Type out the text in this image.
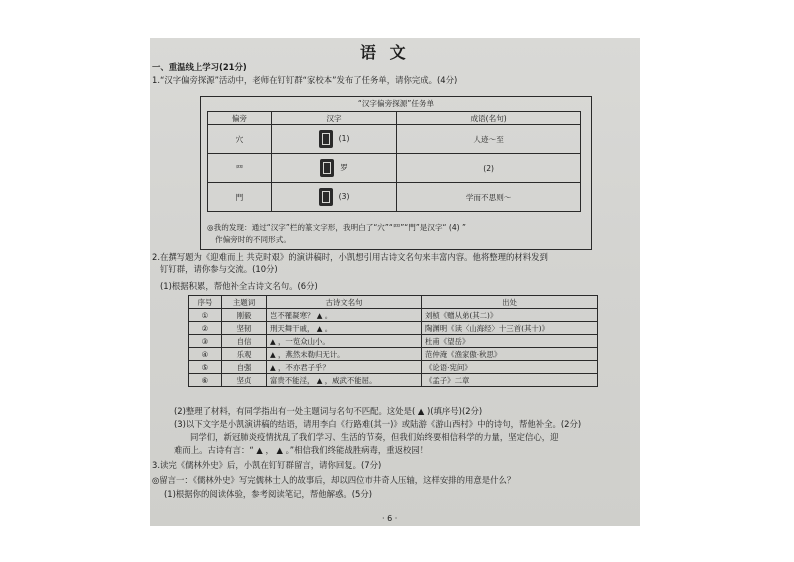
语 文
一、重温线上学习(21分)
1.“汉字偏旁探源”活动中，老师在钉钉群“家校本”发布了任务单，请你完成。(4分)
“汉字偏旁探源”任务单
偏旁	汉字	成语(名句)
穴	(1)	人迹～至
罒	罗	(2)
門	(3)	学而不思则～
◎我的发现：通过“汉字”栏的篆文字形，我明白了“穴”“罒”“門”是汉字“ (4) ”
作偏旁时的不同形式。
2.在撰写题为《迎难而上 共克时艰》的演讲稿时，小凯想引用古诗文名句来丰富内容。他将整理的材料发到
钉钉群，请你参与交流。(10分)
(1)根据积累，帮他补全古诗文名句。(6分)
序号	主题词	古诗文名句	出处
①	刚毅	岂不罹凝寒？ ▲ 。	刘桢《赠从弟(其二)》
②	坚韧	刑天舞干戚， ▲ 。	陶渊明《读〈山海经〉十三首(其十)》
③	自信	▲ ，一览众山小。	杜甫《望岳》
④	乐观	▲ ，燕然未勒归无计。	范仲淹《渔家傲·秋思》
⑤	自强	▲ ，不亦君子乎？	《论语·宪问》
⑥	坚贞	富贵不能淫， ▲ ，威武不能屈。	《孟子》二章
(2)整理了材料，有同学指出有一处主题词与名句不匹配。这处是( ▲ )(填序号)(2分)
(3)以下文字是小凯演讲稿的结语，请用李白《行路难(其一)》或陆游《游山西村》中的诗句，帮他补全。(2分)
同学们，新冠肺炎疫情扰乱了我们学习、生活的节奏，但我们始终要相信科学的力量，坚定信心，迎
难而上。古诗有言：“ ▲ ， ▲ 。”相信我们终能战胜病毒，重返校园！
3.读完《儒林外史》后，小凯在钉钉群留言，请你回复。(7分)
◎留言一：《儒林外史》写完儒林士人的故事后，却以四位市井奇人压轴，这样安排的用意是什么？
(1)根据你的阅读体验，参考阅读笔记，帮他解惑。(5分)
· 6 ·
